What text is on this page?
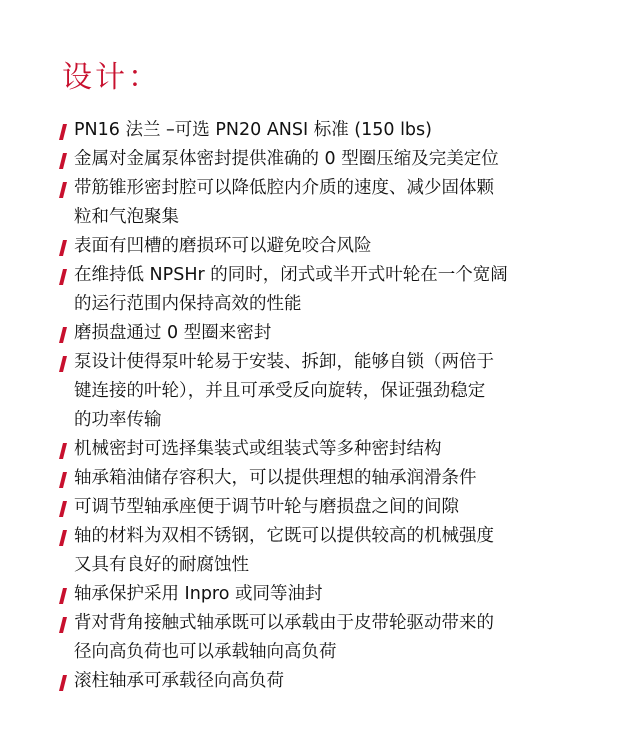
设计：
PN16 法兰 –可选 PN20 ANSI 标准 (150 lbs)
金属对金属泵体密封提供准确的 0 型圈压缩及完美定位
带筋锥形密封腔可以降低腔内介质的速度、减少固体颗
粒和气泡聚集
表面有凹槽的磨损环可以避免咬合风险
在维持低 NPSHr 的同时，闭式或半开式叶轮在一个宽阔
的运行范围内保持高效的性能
磨损盘通过 0 型圈来密封
泵设计使得泵叶轮易于安装、拆卸，能够自锁（两倍于
键连接的叶轮），并且可承受反向旋转，保证强劲稳定
的功率传输
机械密封可选择集装式或组装式等多种密封结构
轴承箱油储存容积大，可以提供理想的轴承润滑条件
可调节型轴承座便于调节叶轮与磨损盘之间的间隙
轴的材料为双相不锈钢，它既可以提供较高的机械强度
又具有良好的耐腐蚀性
轴承保护采用 Inpro 或同等油封
背对背角接触式轴承既可以承载由于皮带轮驱动带来的
径向高负荷也可以承载轴向高负荷
滚柱轴承可承载径向高负荷
